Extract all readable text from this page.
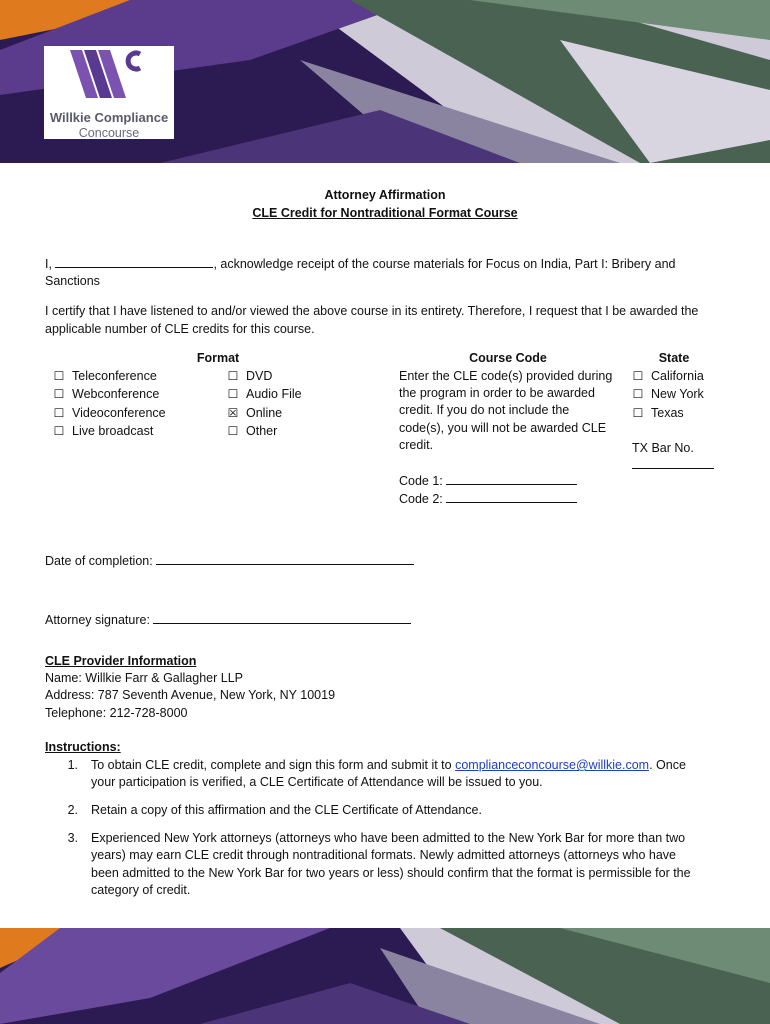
Willkie Compliance
Concourse
Attorney Affirmation
CLE Credit for Nontraditional Format Course
I,	, acknowledge receipt of the course materials for Focus on India, Part I: Bribery and
Sanctions
I certify that I have listened to and/or viewed the above course in its entirety. Therefore, I request that I be awarded the
applicable number of CLE credits for this course.
Format
☐ Teleconference
☐ Webconference
☐ Videoconference
☐ Live broadcast
☐ DVD
☐ Audio File
☒ Online
☐ Other
Course Code
Enter the CLE code(s) provided during
the program in order to be awarded
credit. If you do not include the
code(s), you will not be awarded CLE
credit.
Code 1:
Code 2:
State
☐ California
☐ New York
☐ Texas
TX Bar No.
Date of completion:
Attorney signature:
CLE Provider Information
Name: Willkie Farr & Gallagher LLP
Address: 787 Seventh Avenue, New York, NY 10019
Telephone: 212-728-8000
Instructions:
1. To obtain CLE credit, complete and sign this form and submit it to complianceconcourse@willkie.com. Once
your participation is verified, a CLE Certificate of Attendance will be issued to you.
2. Retain a copy of this affirmation and the CLE Certificate of Attendance.
3. Experienced New York attorneys (attorneys who have been admitted to the New York Bar for more than two
years) may earn CLE credit through nontraditional formats. Newly admitted attorneys (attorneys who have
been admitted to the New York Bar for two years or less) should confirm that the format is permissible for the
category of credit.
